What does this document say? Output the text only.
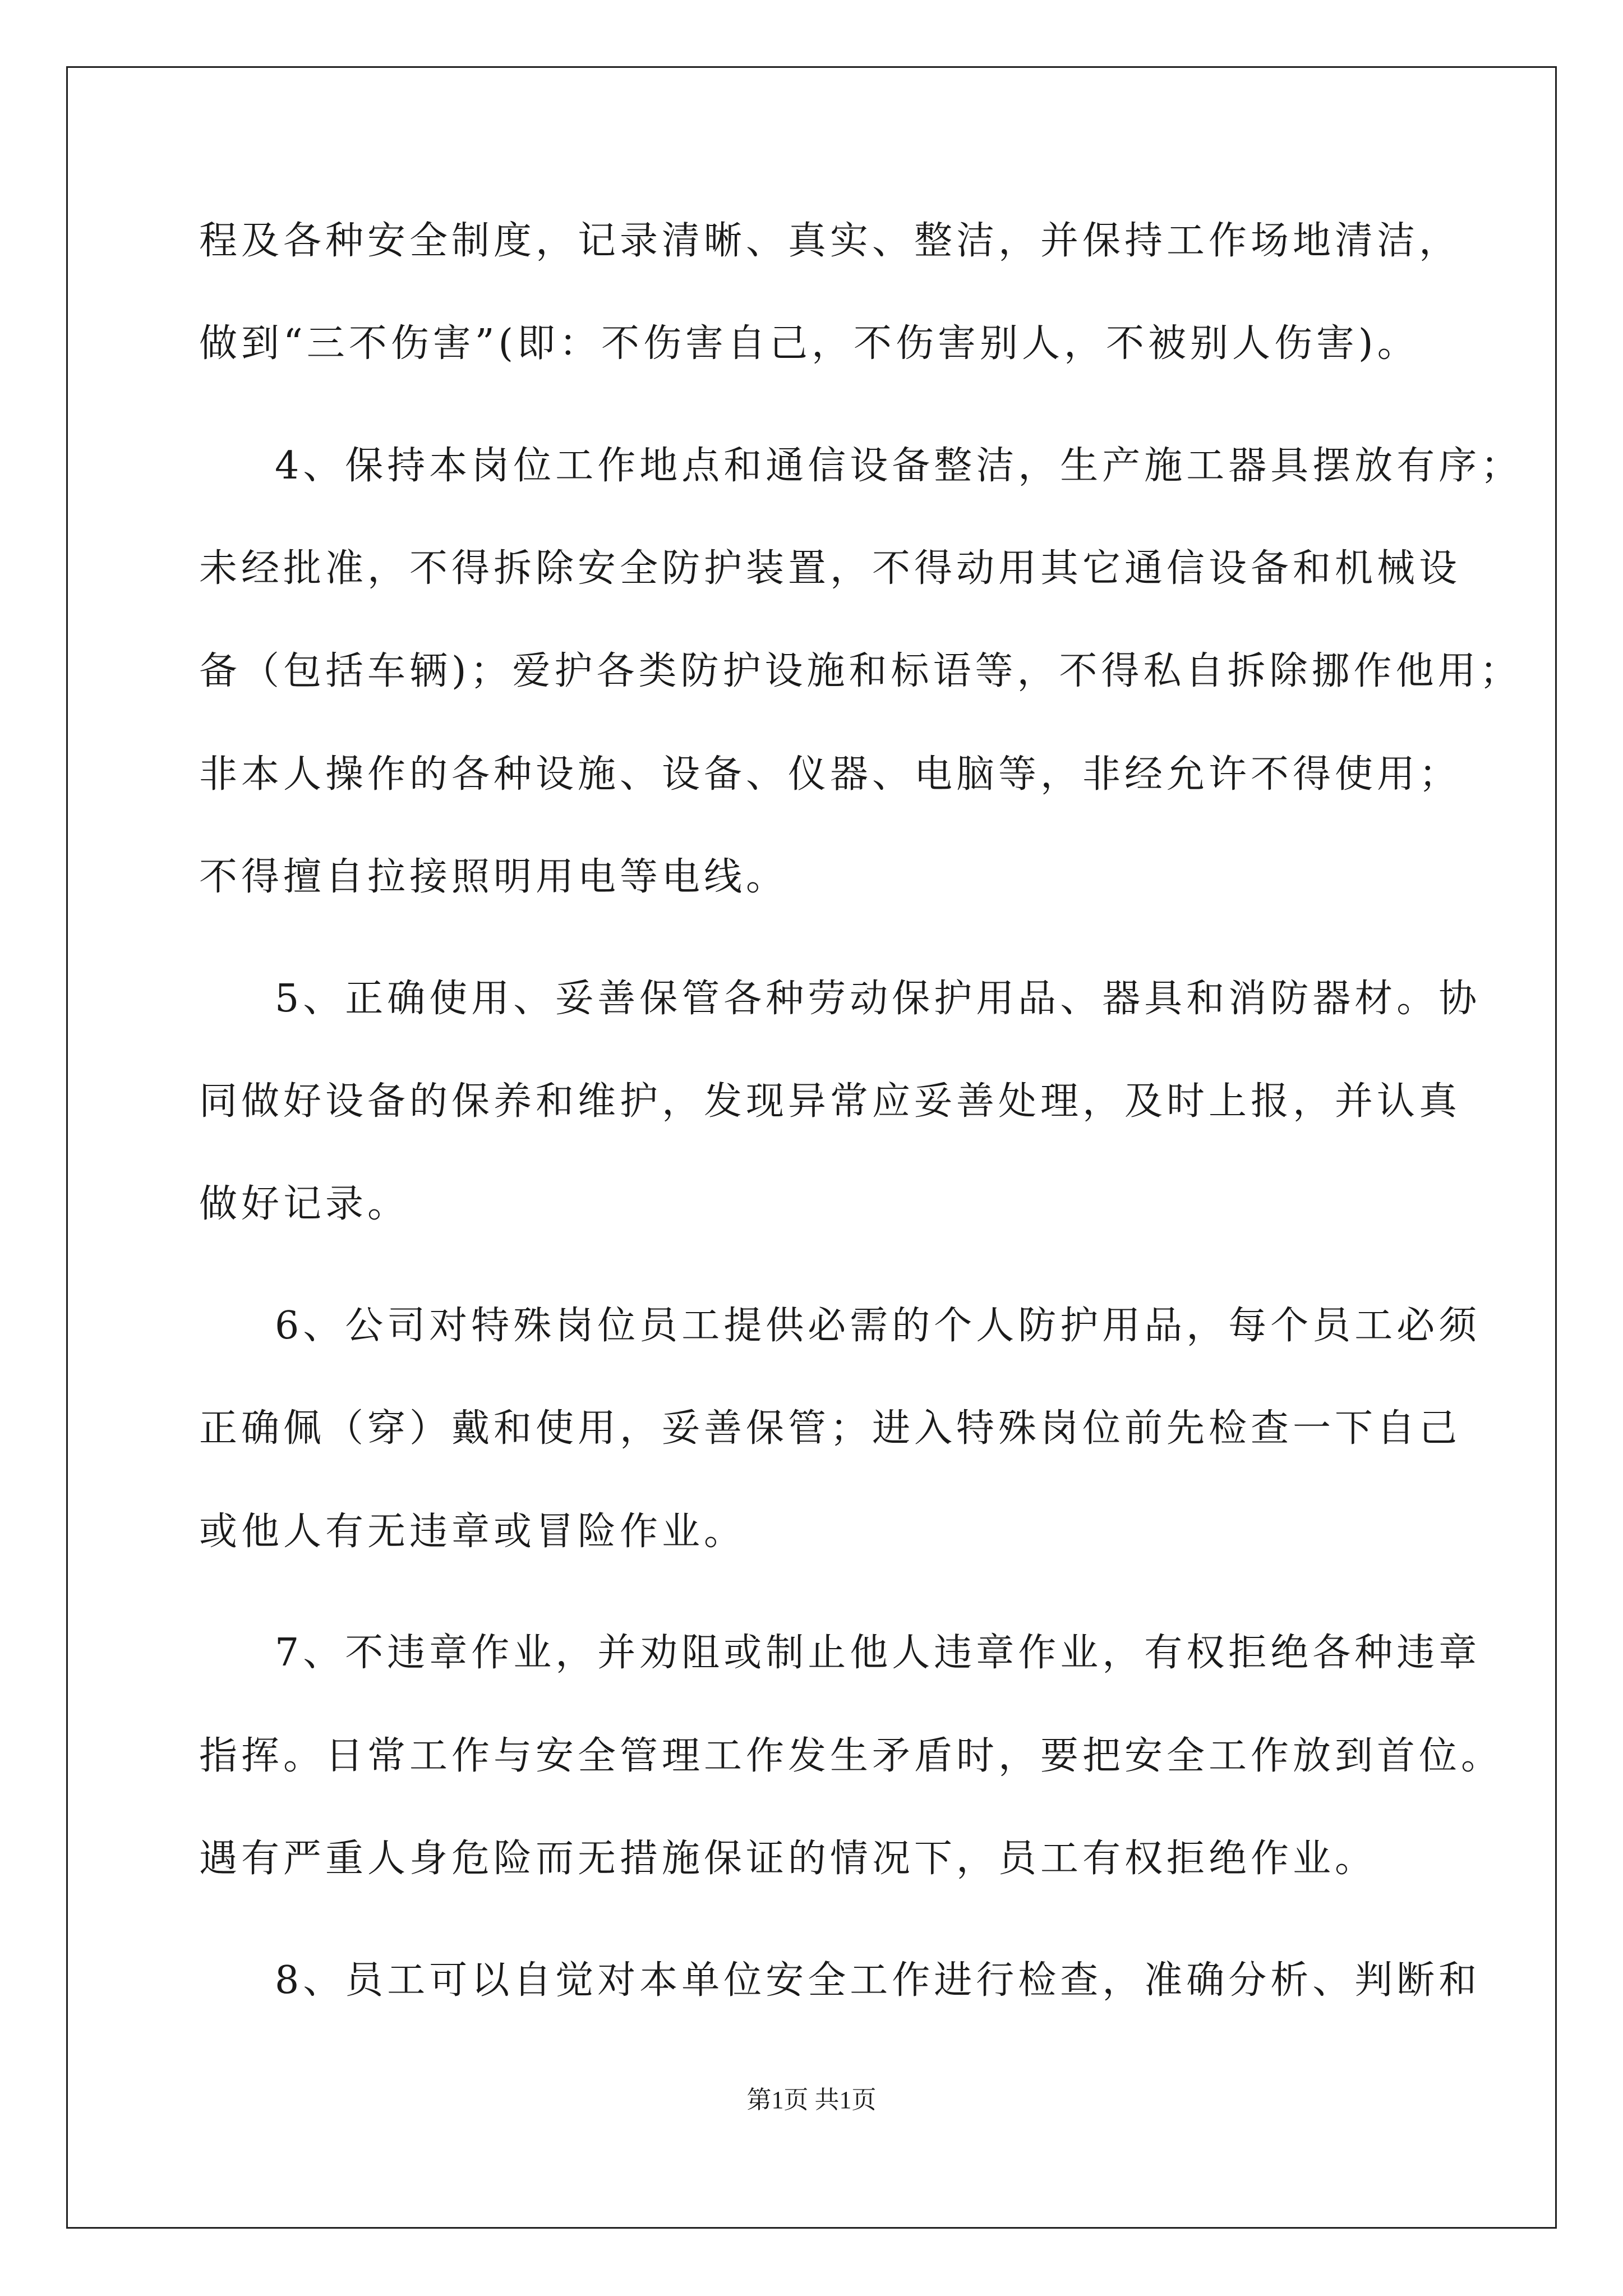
程及各种安全制度，记录清晰、真实、整洁，并保持工作场地清洁，
做到“三不伤害”(即：不伤害自己，不伤害别人，不被别人伤害)。
4、保持本岗位工作地点和通信设备整洁，生产施工器具摆放有序；
未经批准，不得拆除安全防护装置，不得动用其它通信设备和机械设
备（包括车辆)；爱护各类防护设施和标语等，不得私自拆除挪作他用；
非本人操作的各种设施、设备、仪器、电脑等，非经允许不得使用；
不得擅自拉接照明用电等电线。
5、正确使用、妥善保管各种劳动保护用品、器具和消防器材。协
同做好设备的保养和维护，发现异常应妥善处理，及时上报，并认真
做好记录。
6、公司对特殊岗位员工提供必需的个人防护用品，每个员工必须
正确佩（穿）戴和使用，妥善保管；进入特殊岗位前先检查一下自己
或他人有无违章或冒险作业。
7、不违章作业，并劝阻或制止他人违章作业，有权拒绝各种违章
指挥。日常工作与安全管理工作发生矛盾时，要把安全工作放到首位。
遇有严重人身危险而无措施保证的情况下，员工有权拒绝作业。
8、员工可以自觉对本单位安全工作进行检查，准确分析、判断和
第1页 共1页
